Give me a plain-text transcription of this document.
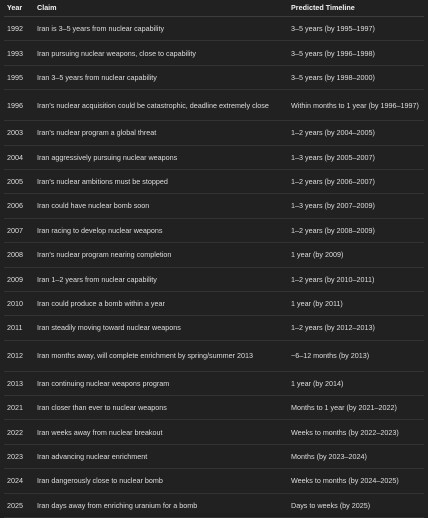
Year	Claim	Predicted Timeline
1992	Iran is 3–5 years from nuclear capability	3–5 years (by 1995–1997)
1993	Iran pursuing nuclear weapons, close to capability	3–5 years (by 1996–1998)
1995	Iran 3–5 years from nuclear capability	3–5 years (by 1998–2000)
1996	Iran's nuclear acquisition could be catastrophic, deadline extremely close	Within months to 1 year (by 1996–1997)
2003	Iran's nuclear program a global threat	1–2 years (by 2004–2005)
2004	Iran aggressively pursuing nuclear weapons	1–3 years (by 2005–2007)
2005	Iran's nuclear ambitions must be stopped	1–2 years (by 2006–2007)
2006	Iran could have nuclear bomb soon	1–3 years (by 2007–2009)
2007	Iran racing to develop nuclear weapons	1–2 years (by 2008–2009)
2008	Iran's nuclear program nearing completion	1 year (by 2009)
2009	Iran 1–2 years from nuclear capability	1–2 years (by 2010–2011)
2010	Iran could produce a bomb within a year	1 year (by 2011)
2011	Iran steadily moving toward nuclear weapons	1–2 years (by 2012–2013)
2012	Iran months away, will complete enrichment by spring/summer 2013	~6–12 months (by 2013)
2013	Iran continuing nuclear weapons program	1 year (by 2014)
2021	Iran closer than ever to nuclear weapons	Months to 1 year (by 2021–2022)
2022	Iran weeks away from nuclear breakout	Weeks to months (by 2022–2023)
2023	Iran advancing nuclear enrichment	Months (by 2023–2024)
2024	Iran dangerously close to nuclear bomb	Weeks to months (by 2024–2025)
2025	Iran days away from enriching uranium for a bomb	Days to weeks (by 2025)
